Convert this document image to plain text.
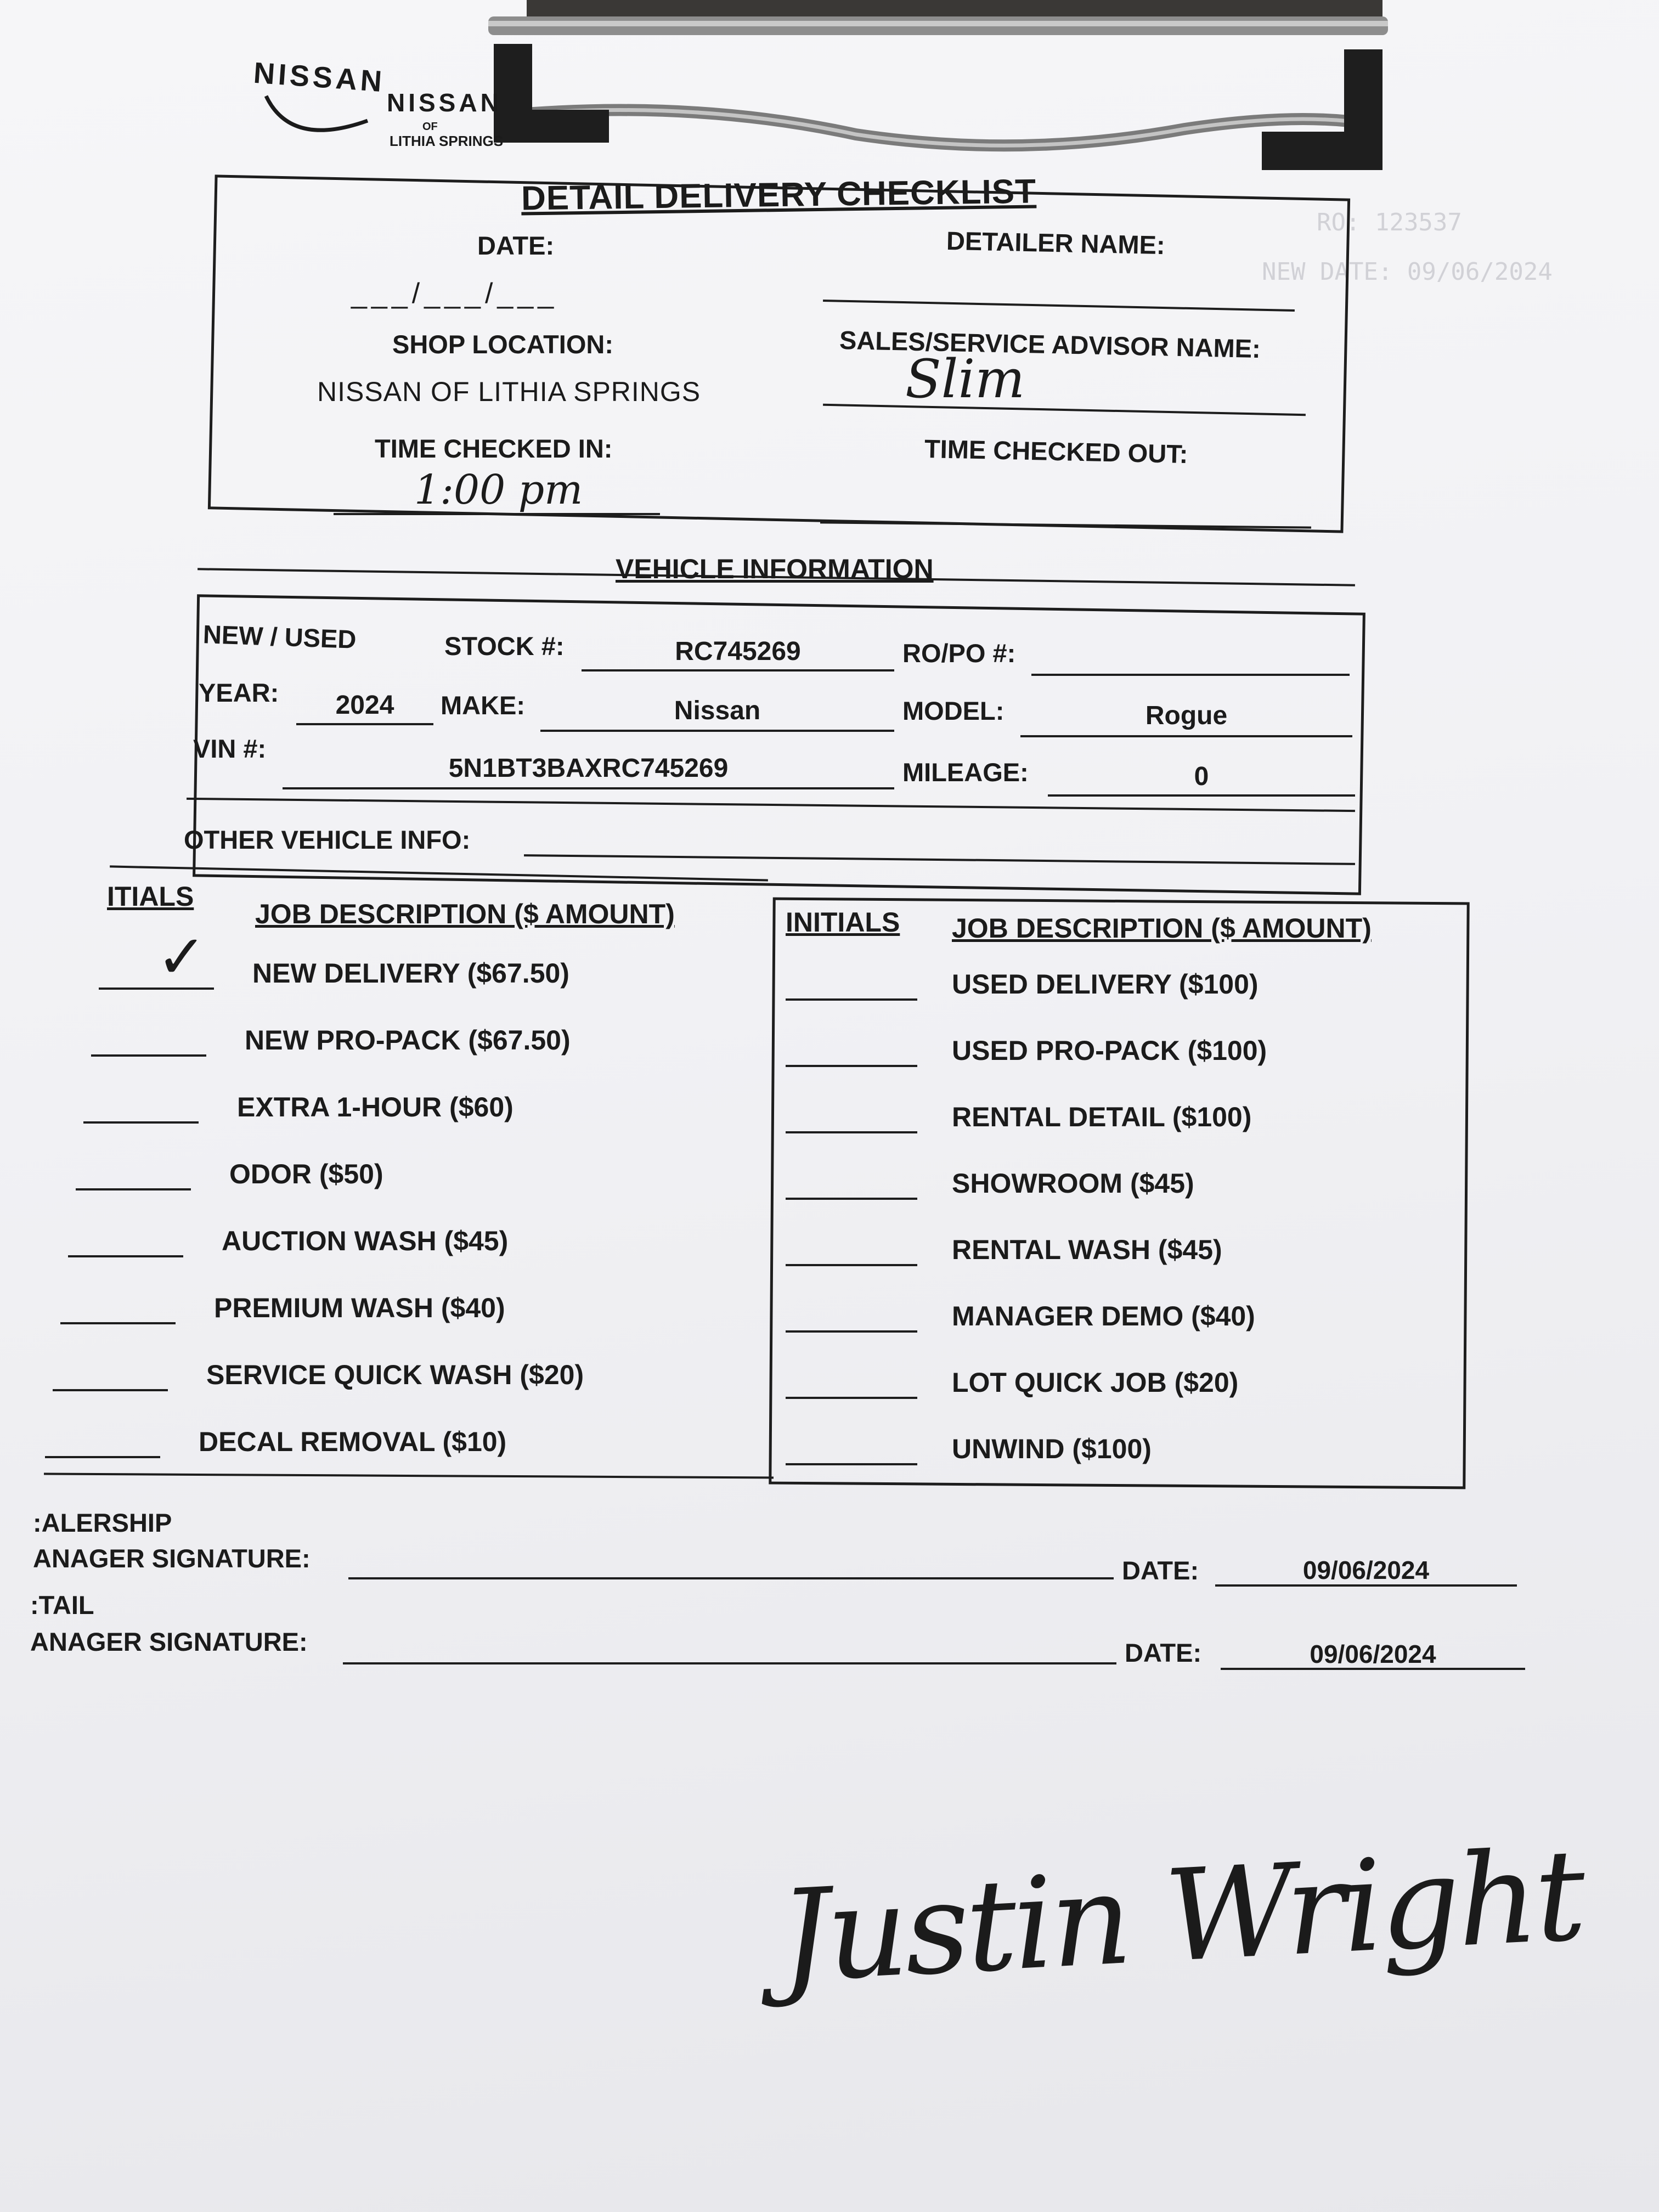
RO: 123537
NEW DATE: 09/06/2024
NISSAN
NISSAN
OF
LITHIA SPRINGS
DETAIL DELIVERY CHECKLIST
DATE:
___/___/___
DETAILER NAME:
SHOP LOCATION:
NISSAN OF LITHIA SPRINGS
SALES/SERVICE ADVISOR NAME:
Slim
TIME CHECKED IN:
1:00 pm
TIME CHECKED OUT:
VEHICLE INFORMATION
NEW / USED	STOCK #:	RC745269	RO/PO #:
YEAR:	2024	MAKE:	Nissan	MODEL:	Rogue
VIN #:
5N1BT3BAXRC745269	MILEAGE:	0
OTHER VEHICLE INFO:
ITIALS
JOB DESCRIPTION ($ AMOUNT)	INITIALS JOB DESCRIPTION ($ AMOUNT)
✓ NEW DELIVERY ($67.50)
NEW PRO-PACK ($67.50)
EXTRA 1-HOUR ($60)
ODOR ($50)
AUCTION WASH ($45)
PREMIUM WASH ($40)
SERVICE QUICK WASH ($20)
DECAL REMOVAL ($10)
USED DELIVERY ($100)
USED PRO-PACK ($100)
RENTAL DETAIL ($100)
SHOWROOM ($45)
RENTAL WASH ($45)
MANAGER DEMO ($40)
LOT QUICK JOB ($20)
UNWIND ($100)
:ALERSHIP
ANAGER SIGNATURE:	DATE:	09/06/2024
:TAIL
ANAGER SIGNATURE:	DATE:	09/06/2024
Justin Wright
